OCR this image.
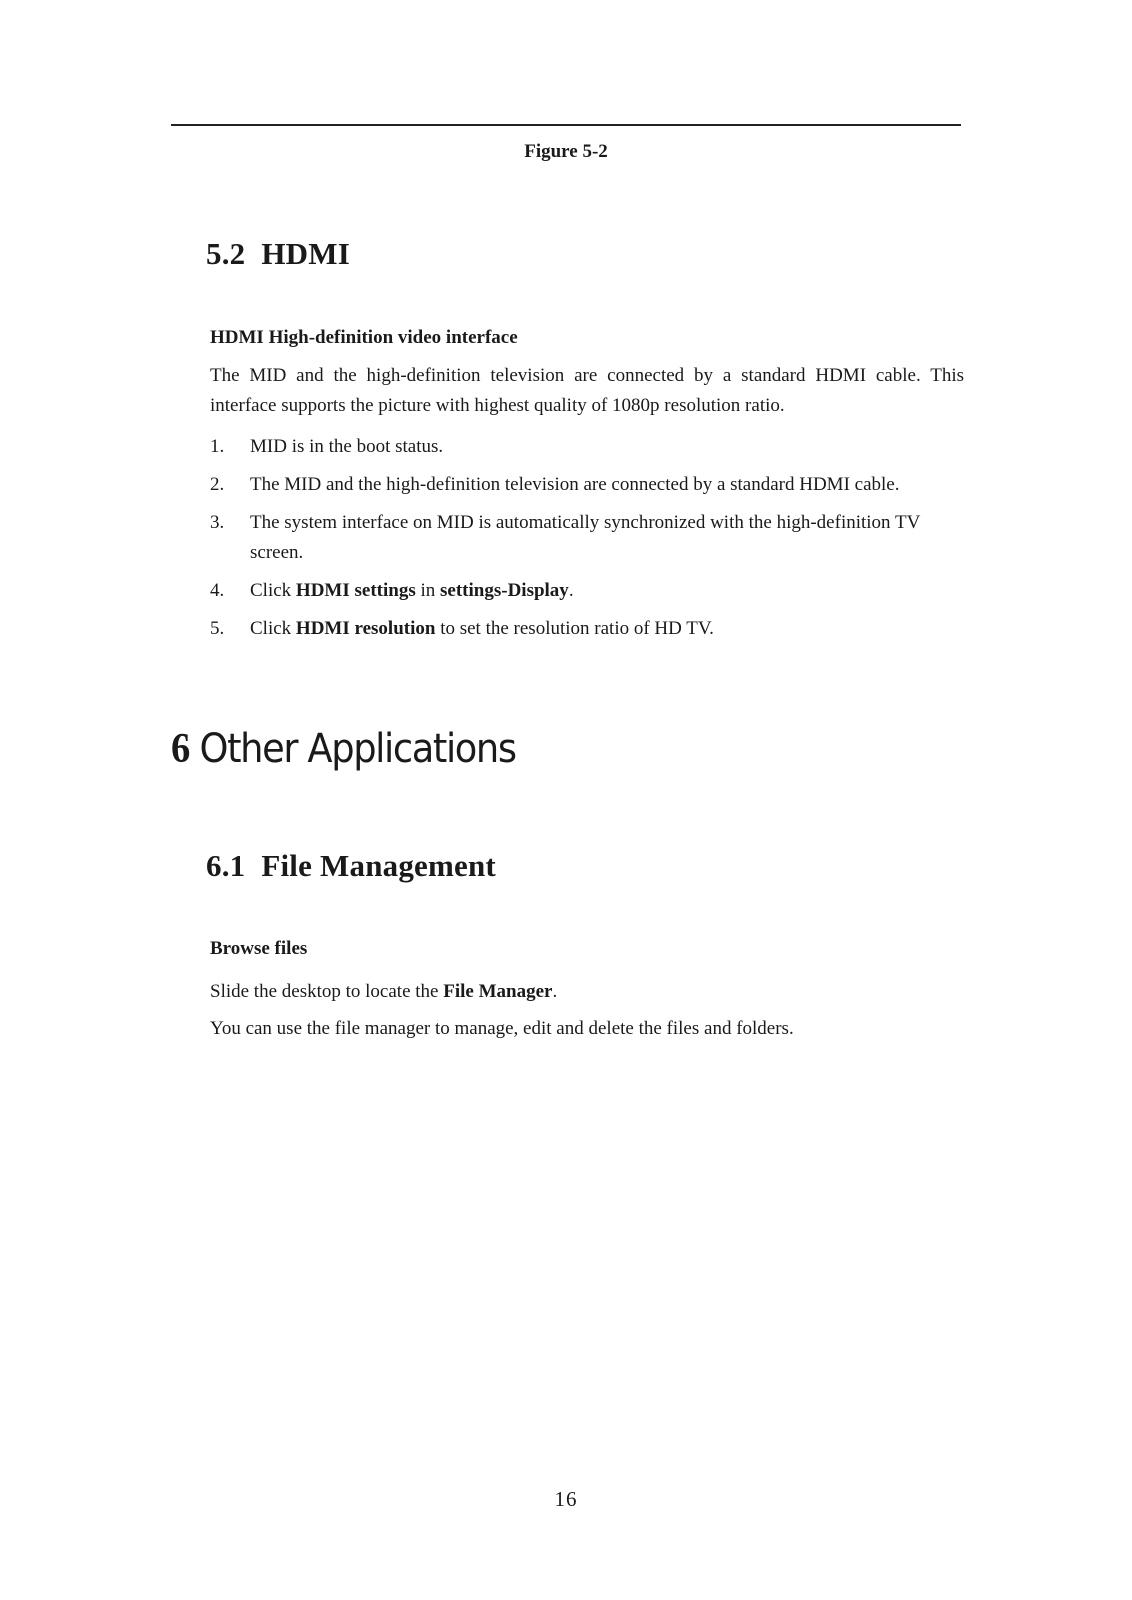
Figure 5-2
5.2 HDMI
HDMI High-definition video interface
The MID and the high-definition television are connected by a standard HDMI cable. This interface supports the picture with highest quality of 1080p resolution ratio.
1.	MID is in the boot status.
2.	The MID and the high-definition television are connected by a standard HDMI cable.
3.	The system interface on MID is automatically synchronized with the high-definition TV screen.
4.	Click HDMI settings in settings-Display.
5.	Click HDMI resolution to set the resolution ratio of HD TV.
6 Other Applications
6.1 File Management
Browse files
Slide the desktop to locate the File Manager.
You can use the file manager to manage, edit and delete the files and folders.
16
